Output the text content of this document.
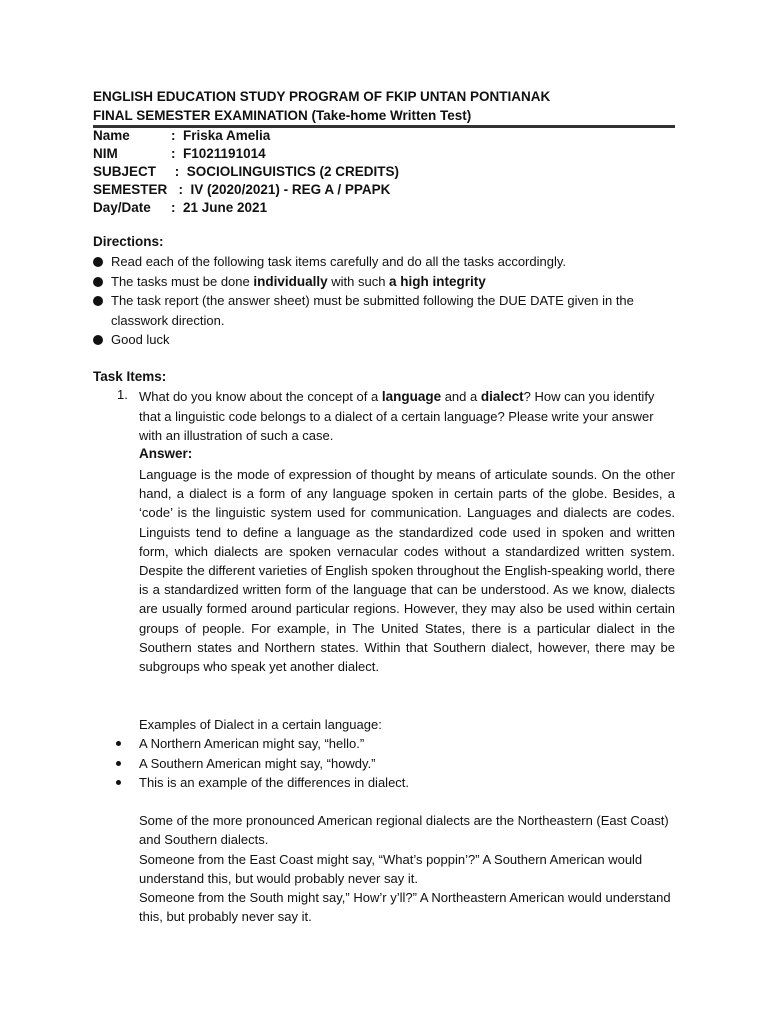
ENGLISH EDUCATION STUDY PROGRAM OF FKIP UNTAN PONTIANAK
FINAL SEMESTER EXAMINATION (Take-home Written Test)
Name	: Friska Amelia
NIM	: F1021191014
SUBJECT : SOCIOLINGUISTICS (2 CREDITS)
SEMESTER : IV (2020/2021) - REG A / PPAPK
Day/Date : 21 June 2021
Directions:
Read each of the following task items carefully and do all the tasks accordingly.
The tasks must be done individually with such a high integrity
The task report (the answer sheet) must be submitted following the DUE DATE given in the classwork direction.
Good luck
Task Items:
1. What do you know about the concept of a language and a dialect? How can you identify that a linguistic code belongs to a dialect of a certain language? Please write your answer with an illustration of such a case.
Answer:
Language is the mode of expression of thought by means of articulate sounds. On the other hand, a dialect is a form of any language spoken in certain parts of the globe. Besides, a ‘code’ is the linguistic system used for communication. Languages and dialects are codes. Linguists tend to define a language as the standardized code used in spoken and written form, which dialects are spoken vernacular codes without a standardized written system. Despite the different varieties of English spoken throughout the English-speaking world, there is a standardized written form of the language that can be understood. As we know, dialects are usually formed around particular regions. However, they may also be used within certain groups of people. For example, in The United States, there is a particular dialect in the Southern states and Northern states. Within that Southern dialect, however, there may be subgroups who speak yet another dialect.
Examples of Dialect in a certain language:
A Northern American might say, “hello.”
A Southern American might say, “howdy.”
This is an example of the differences in dialect.
Some of the more pronounced American regional dialects are the Northeastern (East Coast) and Southern dialects.
Someone from the East Coast might say, “What’s poppin’?” A Southern American would understand this, but would probably never say it.
Someone from the South might say,” How’r y’ll?” A Northeastern American would understand this, but probably never say it.
